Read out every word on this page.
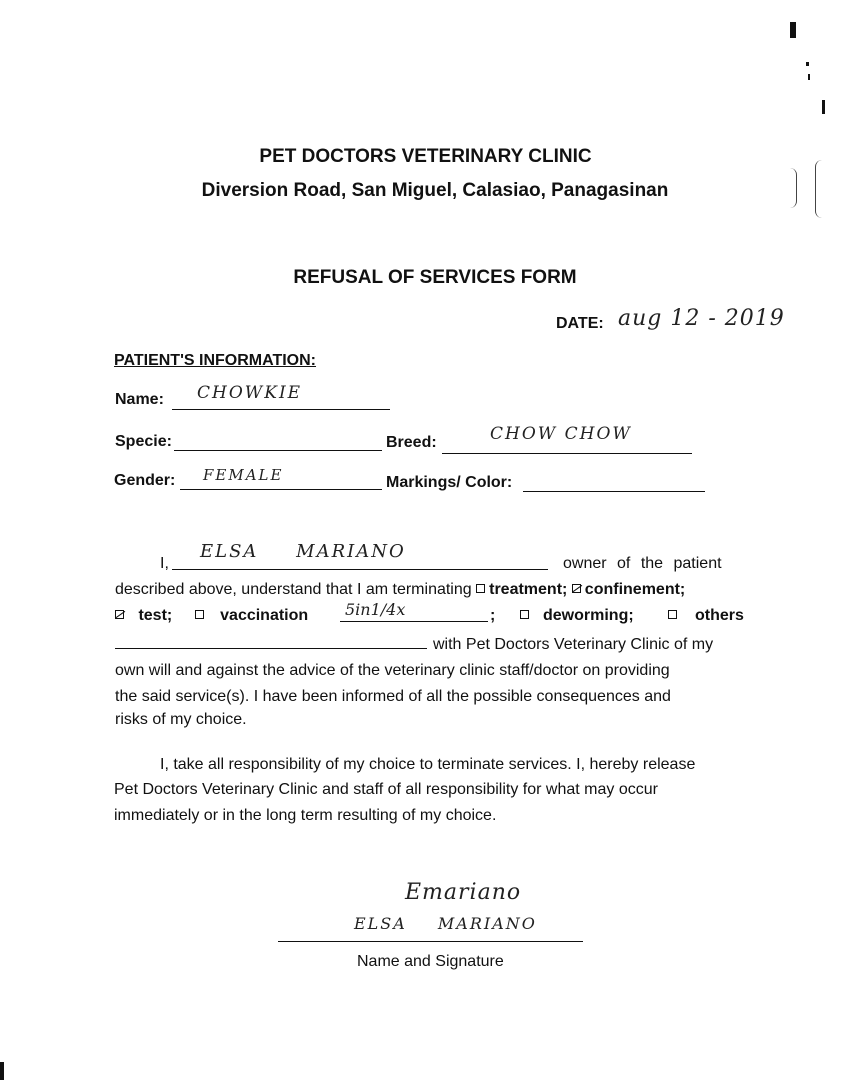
PET DOCTORS VETERINARY CLINIC
Diversion Road, San Miguel, Calasiao, Panagasinan
REFUSAL OF SERVICES FORM
DATE: aug 12 - 2019
PATIENT'S INFORMATION:
Name: CHOWKIE
Specie:	Breed:	CHOW CHOW
Gender: FEMALE	Markings/ Color:
I,
ELSA MARIANO
owner of the patient
described above, understand that I am terminating treatment; confinement;
test;	vaccination 5in1/4x	;	deworming;	others
with Pet Doctors Veterinary Clinic of my
own will and against the advice of the veterinary clinic staff/doctor on providing
the said service(s). I have been informed of all the possible consequences and
risks of my choice.
I, take all responsibility of my choice to terminate services. I, hereby release
Pet Doctors Veterinary Clinic and staff of all responsibility for what may occur
immediately or in the long term resulting of my choice.
Emariano
ELSA MARIANO
Name and Signature
